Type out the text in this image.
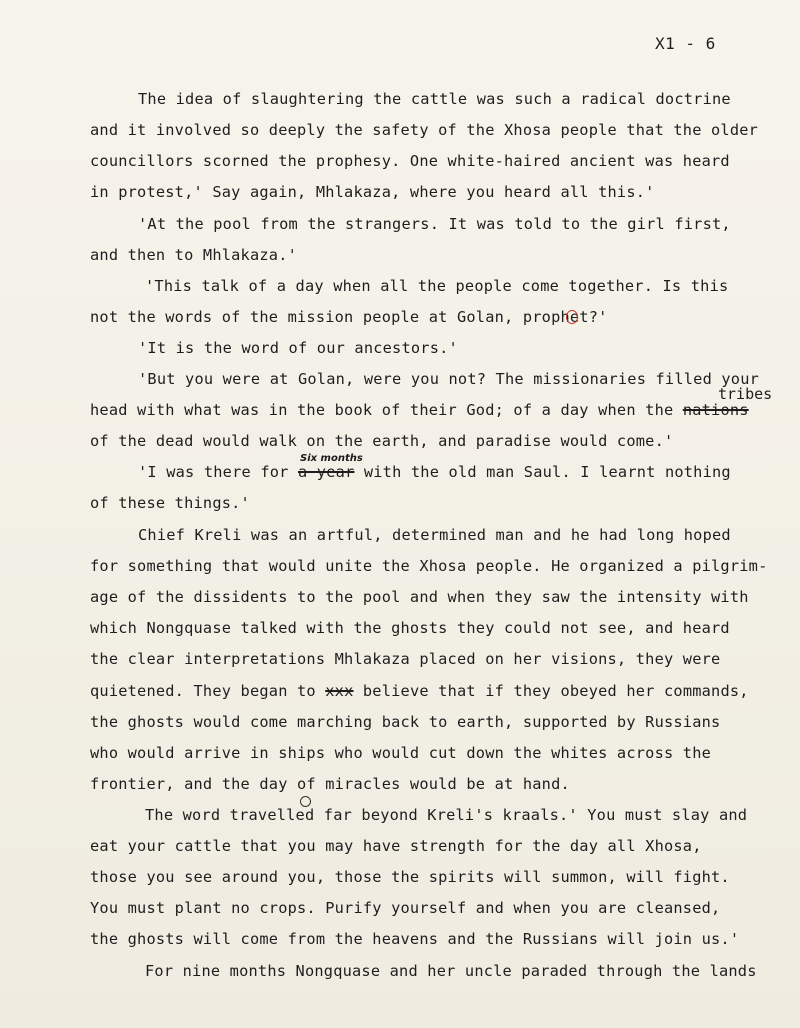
X1 - 6
The idea of slaughtering the cattle was such a radical doctrine
and it involved so deeply the safety of the Xhosa people that the older
councillors scorned the prophesy. One white-haired ancient was heard
in protest,' Say again, Mhlakaza, where you heard all this.'
'At the pool from the strangers. It was told to the girl first,
and then to Mhlakaza.'
'This talk of a day when all the people come together. Is this
not the words of the mission people at Golan, prophet?'
'It is the word of our ancestors.'
'But you were at Golan, were you not? The missionaries filled your
head with what was in the book of their God; of a day when the nations
of the dead would walk on the earth, and paradise would come.'
'I was there for a year with the old man Saul. I learnt nothing
of these things.'
Chief Kreli was an artful, determined man and he had long hoped
for something that would unite the Xhosa people. He organized a pilgrim-
age of the dissidents to the pool and when they saw the intensity with
which Nongquase talked with the ghosts they could not see, and heard
the clear interpretations Mhlakaza placed on her visions, they were
quietened. They began to xxx believe that if they obeyed her commands,
the ghosts would come marching back to earth, supported by Russians
who would arrive in ships who would cut down the whites across the
frontier, and the day of miracles would be at hand.
The word travelled far beyond Kreli's kraals.' You must slay and
eat your cattle that you may have strength for the day all Xhosa,
those you see around you, those the spirits will summon, will fight.
You must plant no crops. Purify yourself and when you are cleansed,
the ghosts will come from the heavens and the Russians will join us.'
For nine months Nongquase and her uncle paraded through the lands
tribes
Six months
